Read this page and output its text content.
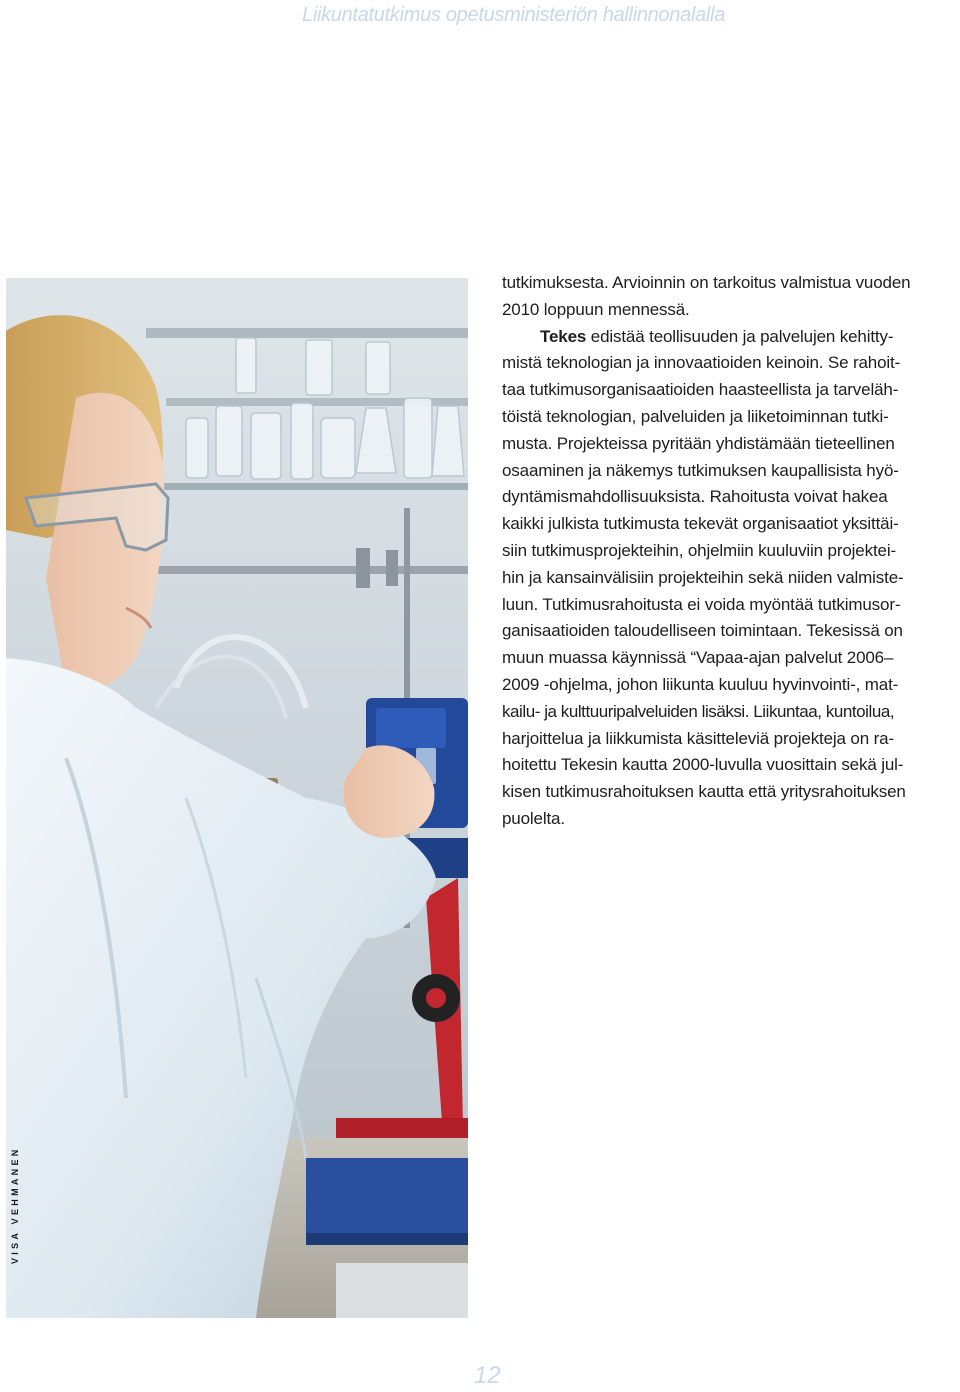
Liikuntatutkimus opetusministeriön hallinnonalalla
tutkimuksesta. Arvioinnin on tarkoitus valmistua vuoden
2010 loppuun mennessä.
Tekes edistää teollisuuden ja palvelujen kehitty-
mistä teknologian ja innovaatioiden keinoin. Se rahoit-
taa tutkimusorganisaatioiden haasteellista ja tarveläh-
töistä teknologian, palveluiden ja liiketoiminnan tutki-
musta. Projekteissa pyritään yhdistämään tieteellinen
osaaminen ja näkemys tutkimuksen kaupallisista hyö-
dyntämismahdollisuuksista. Rahoitusta voivat hakea
kaikki julkista tutkimusta tekevät organisaatiot yksittäi-
siin tutkimusprojekteihin, ohjelmiin kuuluviin projektei-
hin ja kansainvälisiin projekteihin sekä niiden valmiste-
luun. Tutkimusrahoitusta ei voida myöntää tutkimusor-
ganisaatioiden taloudelliseen toimintaan. Tekesissä on
muun muassa käynnissä “Vapaa-ajan palvelut 2006–
2009 -ohjelma, johon liikunta kuuluu hyvinvointi-, mat-
kailu- ja kulttuuripalveluiden lisäksi. Liikuntaa, kuntoilua,
harjoittelua ja liikkumista käsitteleviä projekteja on ra-
hoitettu Tekesin kautta 2000-luvulla vuosittain sekä jul-
kisen tutkimusrahoituksen kautta että yritysrahoituksen
puolelta.
12
